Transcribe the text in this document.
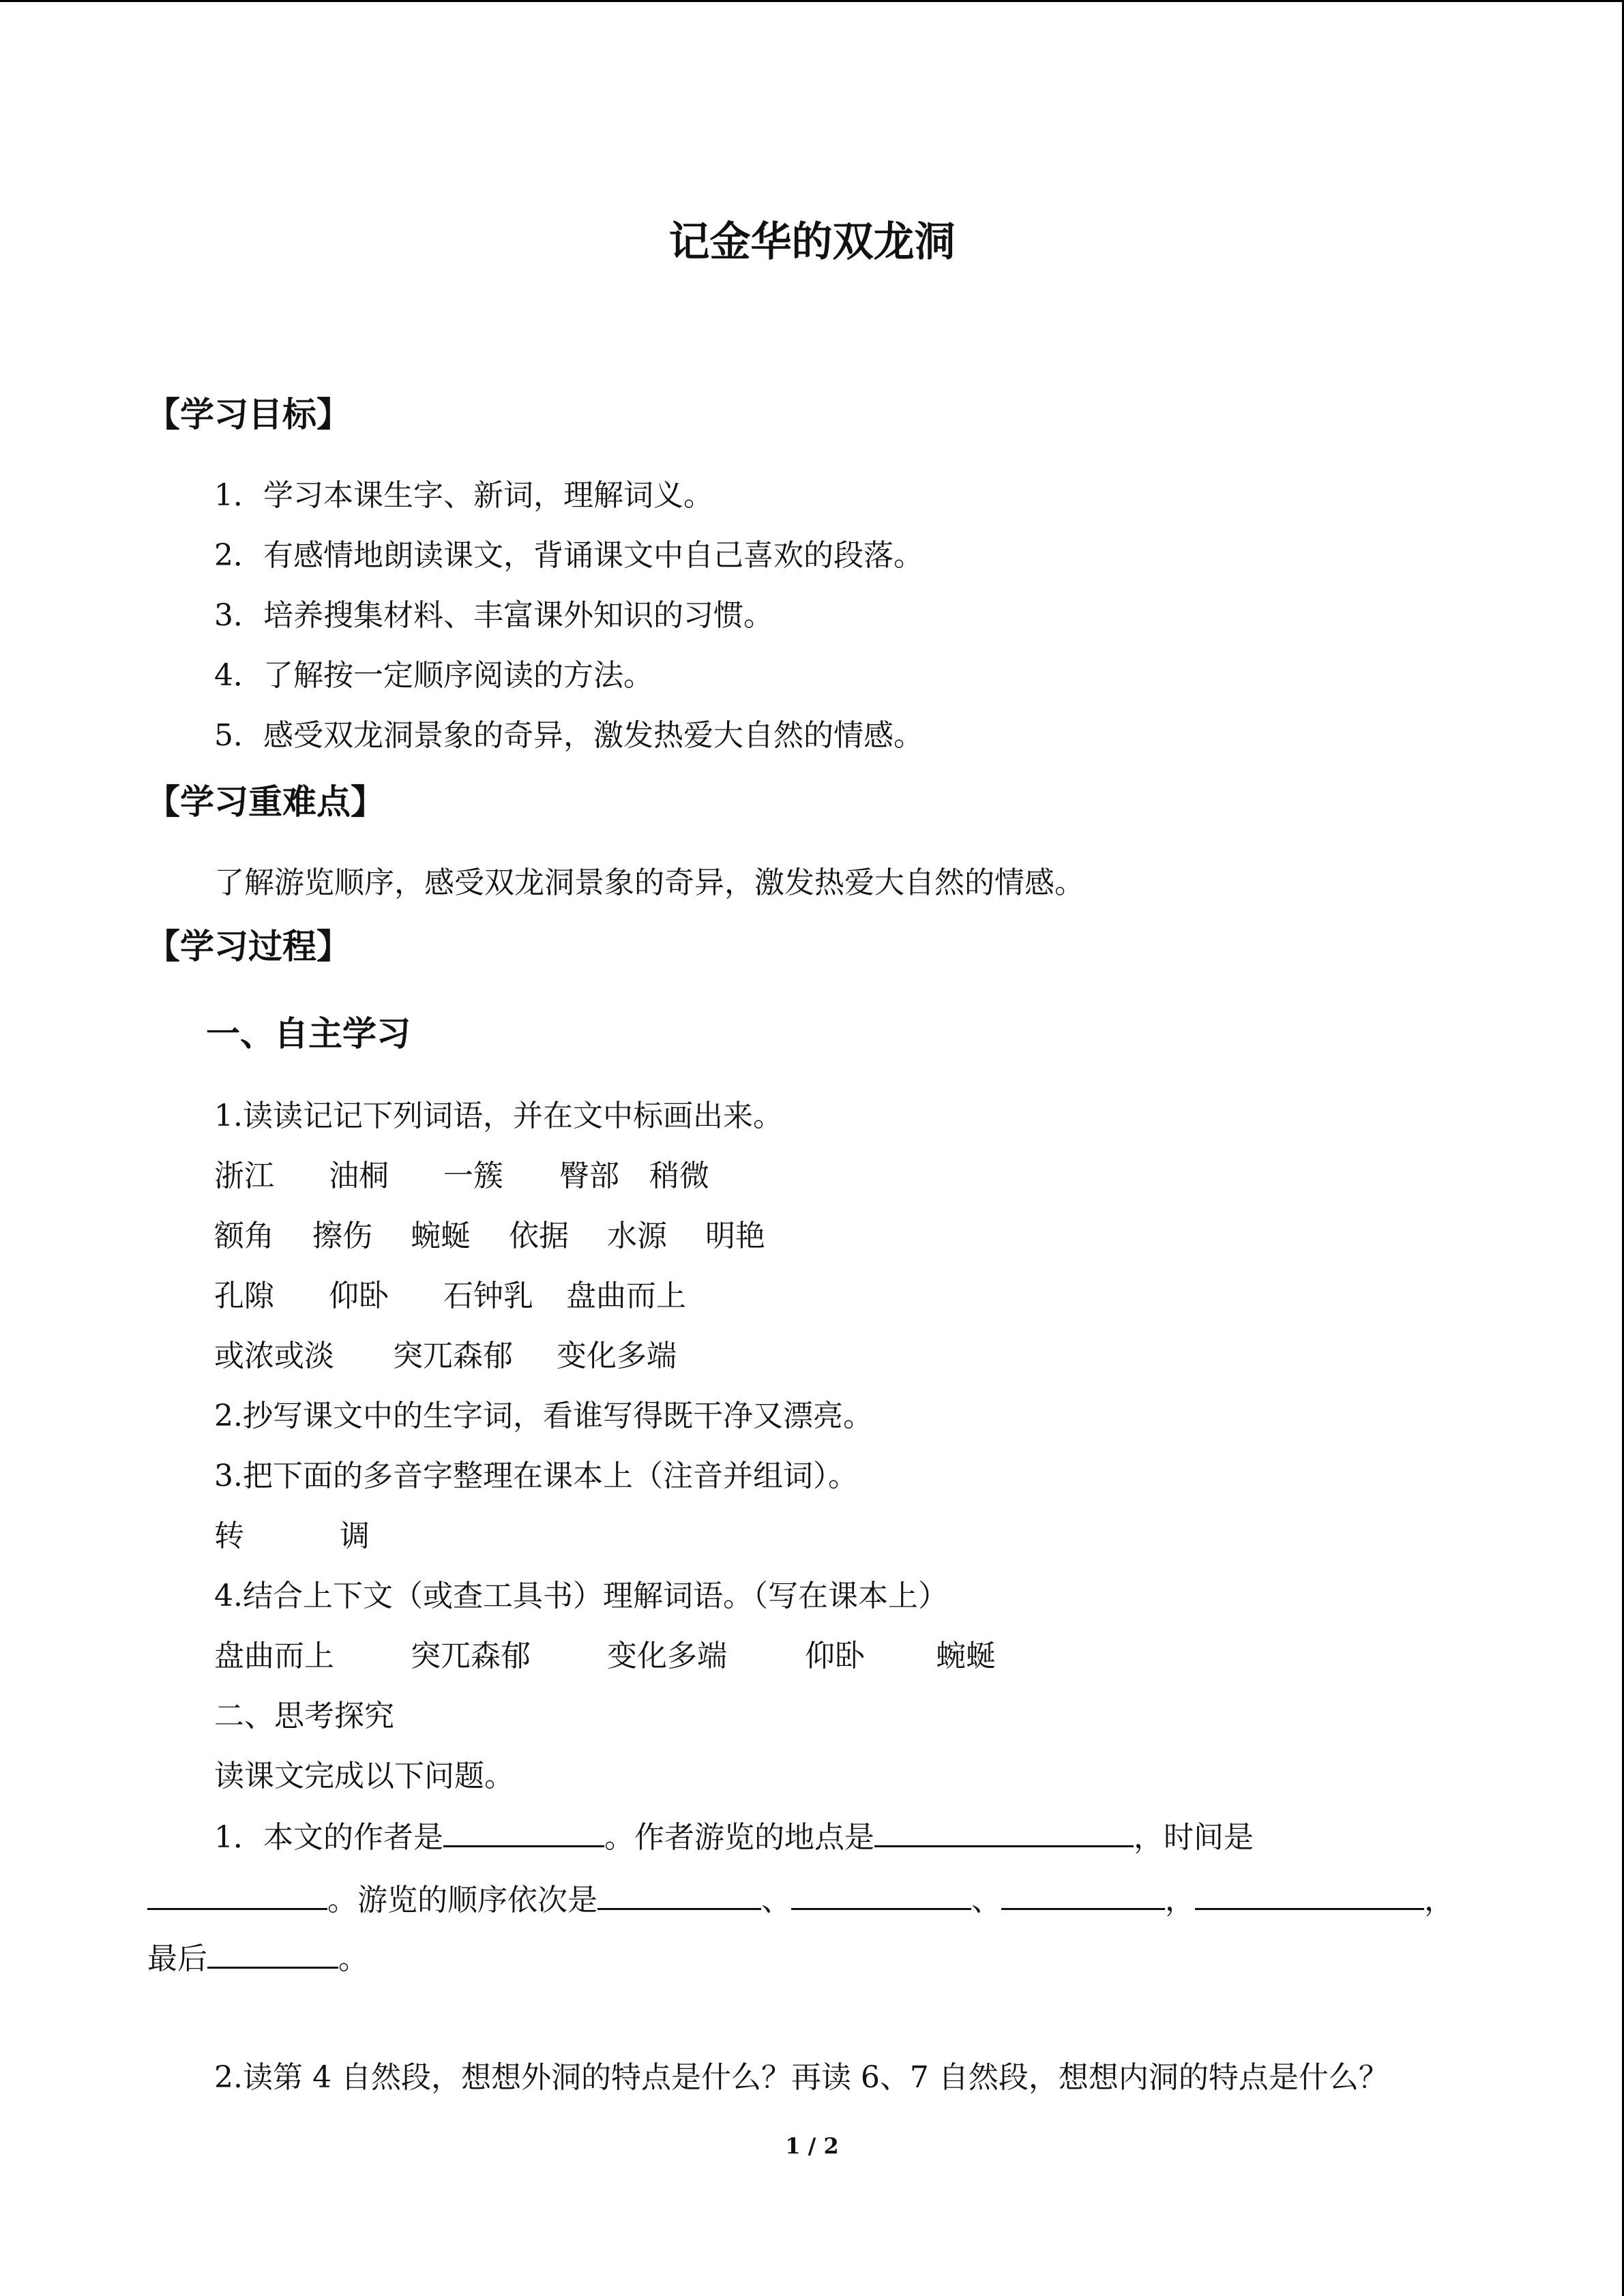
记金华的双龙洞
【学习目标】
1．学习本课生字、新词，理解词义。
2．有感情地朗读课文，背诵课文中自己喜欢的段落。
3．培养搜集材料、丰富课外知识的习惯。
4．了解按一定顺序阅读的方法。
5．感受双龙洞景象的奇异，激发热爱大自然的情感。
【学习重难点】
了解游览顺序，感受双龙洞景象的奇异，激发热爱大自然的情感。
【学习过程】
一、自主学习
1.读读记记下列词语，并在文中标画出来。
浙江 油桐 一簇 臀部 稍微
额角 擦伤 蜿蜒 依据 水源 明艳
孔隙 仰卧 石钟乳 盘曲而上
或浓或淡 突兀森郁 变化多端
2.抄写课文中的生字词，看谁写得既干净又漂亮。
3.把下面的多音字整理在课本上（注音并组词）。
转	调
4.结合上下文（或查工具书）理解词语。（写在课本上）
盘曲而上	突兀森郁	变化多端	仰卧 蜿蜒
二、思考探究
读课文完成以下问题。
1．本文的作者是	。作者游览的地点是	，时间是
。游览的顺序依次是	、	、	，	，
最后	。
2.读第 4 自然段，想想外洞的特点是什么？再读 6、7 自然段，想想内洞的特点是什么？
1 / 2
